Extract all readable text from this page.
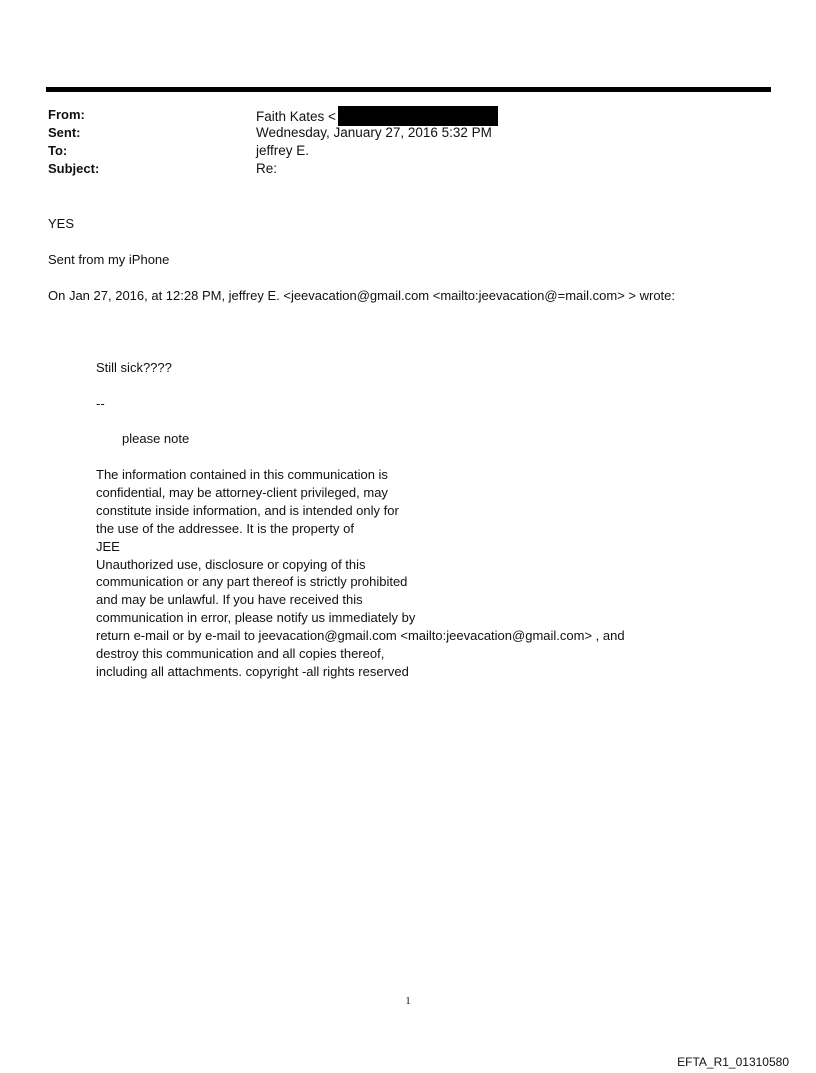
From:	Faith Kates <
Sent:	Wednesday, January 27, 2016 5:32 PM
To:	jeffrey E.
Subject:	Re:
YES
Sent from my iPhone
On Jan 27, 2016, at 12:28 PM, jeffrey E. <jeevacation@gmail.com <mailto:jeevacation@=mail.com> > wrote:
Still sick????
--
please note
The information contained in this communication is
confidential, may be attorney-client privileged, may
constitute inside information, and is intended only for
the use of the addressee. It is the property of
JEE
Unauthorized use, disclosure or copying of this
communication or any part thereof is strictly prohibited
and may be unlawful. If you have received this
communication in error, please notify us immediately by
return e-mail or by e-mail to jeevacation@gmail.com <mailto:jeevacation@gmail.com> , and
destroy this communication and all copies thereof,
including all attachments. copyright -all rights reserved
1
EFTA_R1_01310580
